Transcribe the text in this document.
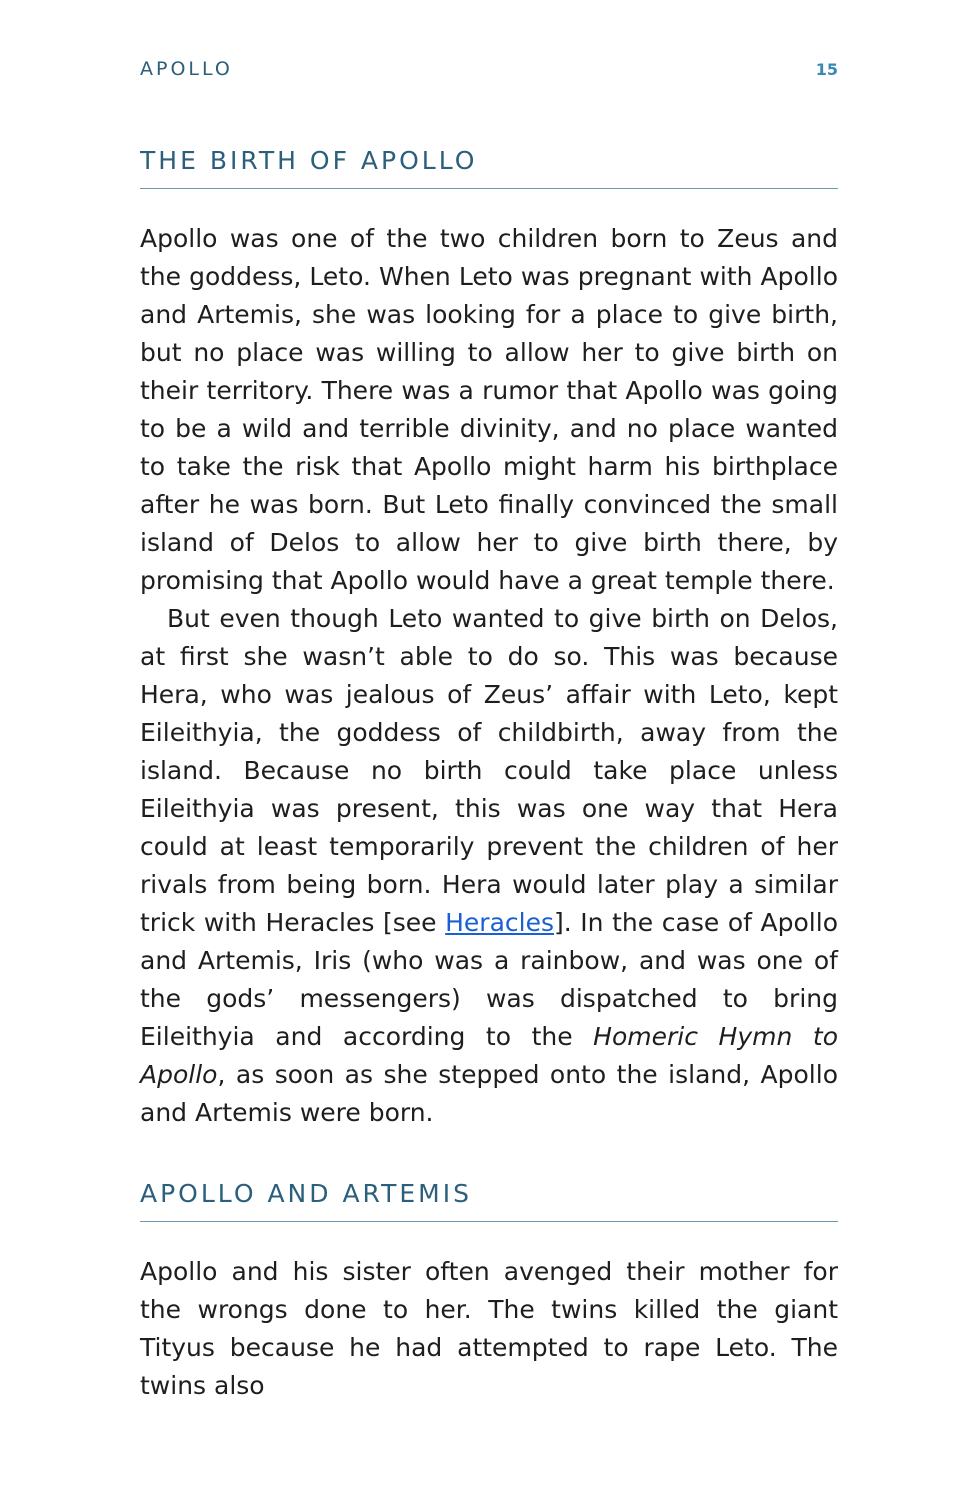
APOLLO	15
THE BIRTH OF APOLLO

Apollo was one of the two children born to Zeus and the goddess, Leto. When Leto was pregnant with Apollo and Artemis, she was looking for a place to give birth, but no place was willing to allow her to give birth on their territory. There was a rumor that Apollo was going to be a wild and terrible divinity, and no place wanted to take the risk that Apollo might harm his birthplace after he was born. But Leto finally convinced the small island of Delos to allow her to give birth there, by promising that Apollo would have a great temple there.

But even though Leto wanted to give birth on Delos, at first she wasn’t able to do so. This was because Hera, who was jealous of Zeus’ affair with Leto, kept Eileithyia, the goddess of childbirth, away from the island. Because no birth could take place unless Eileithyia was present, this was one way that Hera could at least temporarily prevent the children of her rivals from being born. Hera would later play a similar trick with Heracles [see Heracles]. In the case of Apollo and Artemis, Iris (who was a rainbow, and was one of the gods’ messengers) was dispatched to bring Eileithyia and according to the Homeric Hymn to Apollo, as soon as she stepped onto the island, Apollo and Artemis were born.

APOLLO AND ARTEMIS

Apollo and his sister often avenged their mother for the wrongs done to her. The twins killed the giant Tityus because he had attempted to rape Leto. The twins also
